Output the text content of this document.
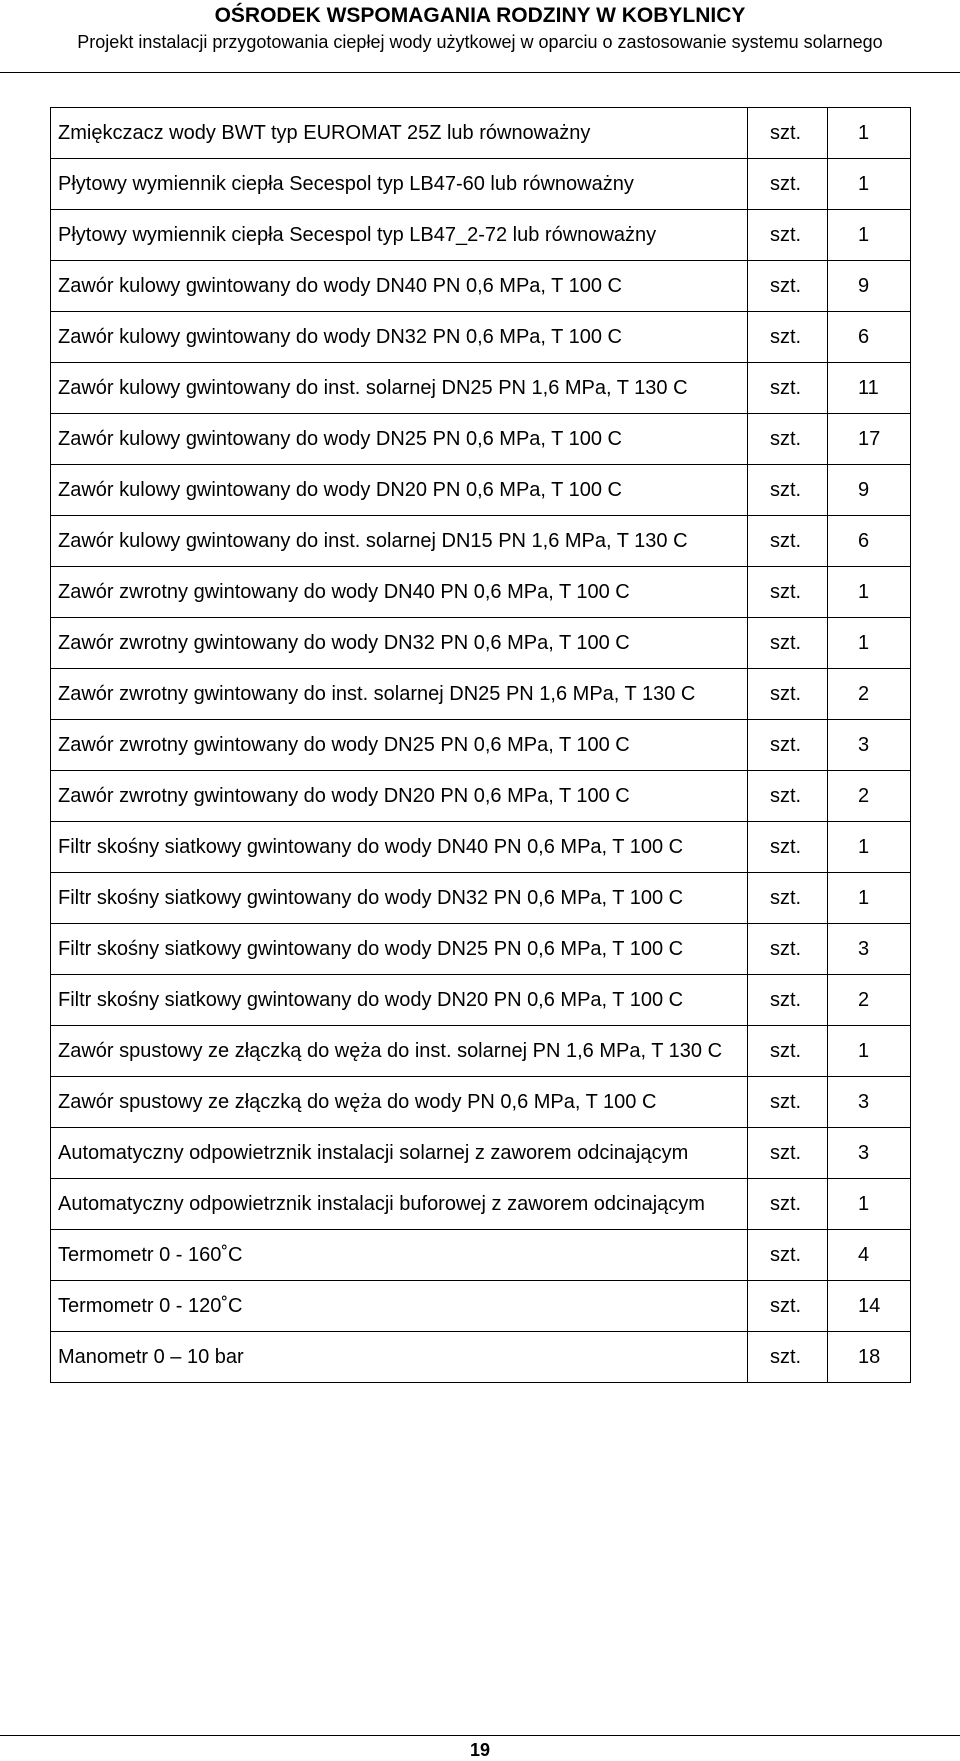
OŚRODEK WSPOMAGANIA RODZINY W KOBYLNICY
Projekt instalacji przygotowania ciepłej wody użytkowej w oparciu o zastosowanie systemu solarnego
Zmiękczacz wody BWT typ EUROMAT 25Z lub równoważny	szt.	1
Płytowy wymiennik ciepła Secespol typ LB47-60 lub równoważny	szt.	1
Płytowy wymiennik ciepła Secespol typ LB47_2-72 lub równoważny	szt.	1
Zawór kulowy gwintowany do wody DN40 PN 0,6 MPa, T 100 C	szt.	9
Zawór kulowy gwintowany do wody DN32 PN 0,6 MPa, T 100 C	szt.	6
Zawór kulowy gwintowany do inst. solarnej DN25 PN 1,6 MPa, T 130 C	szt.	11
Zawór kulowy gwintowany do wody DN25 PN 0,6 MPa, T 100 C	szt.	17
Zawór kulowy gwintowany do wody DN20 PN 0,6 MPa, T 100 C	szt.	9
Zawór kulowy gwintowany do inst. solarnej DN15 PN 1,6 MPa, T 130 C	szt.	6
Zawór zwrotny gwintowany do wody DN40 PN 0,6 MPa, T 100 C	szt.	1
Zawór zwrotny gwintowany do wody DN32 PN 0,6 MPa, T 100 C	szt.	1
Zawór zwrotny gwintowany do inst. solarnej DN25 PN 1,6 MPa, T 130 C	szt.	2
Zawór zwrotny gwintowany do wody DN25 PN 0,6 MPa, T 100 C	szt.	3
Zawór zwrotny gwintowany do wody DN20 PN 0,6 MPa, T 100 C	szt.	2
Filtr skośny siatkowy gwintowany do wody DN40 PN 0,6 MPa, T 100 C	szt.	1
Filtr skośny siatkowy gwintowany do wody DN32 PN 0,6 MPa, T 100 C	szt.	1
Filtr skośny siatkowy gwintowany do wody DN25 PN 0,6 MPa, T 100 C	szt.	3
Filtr skośny siatkowy gwintowany do wody DN20 PN 0,6 MPa, T 100 C	szt.	2
Zawór spustowy ze złączką do węża do inst. solarnej PN 1,6 MPa, T 130 C	szt.	1
Zawór spustowy ze złączką do węża do wody PN 0,6 MPa, T 100 C	szt.	3
Automatyczny odpowietrznik instalacji solarnej z zaworem odcinającym	szt.	3
Automatyczny odpowietrznik instalacji buforowej z zaworem odcinającym	szt.	1
Termometr 0 - 160˚C	szt.	4
Termometr 0 - 120˚C	szt.	14
Manometr 0 – 10 bar	szt.	18
19
